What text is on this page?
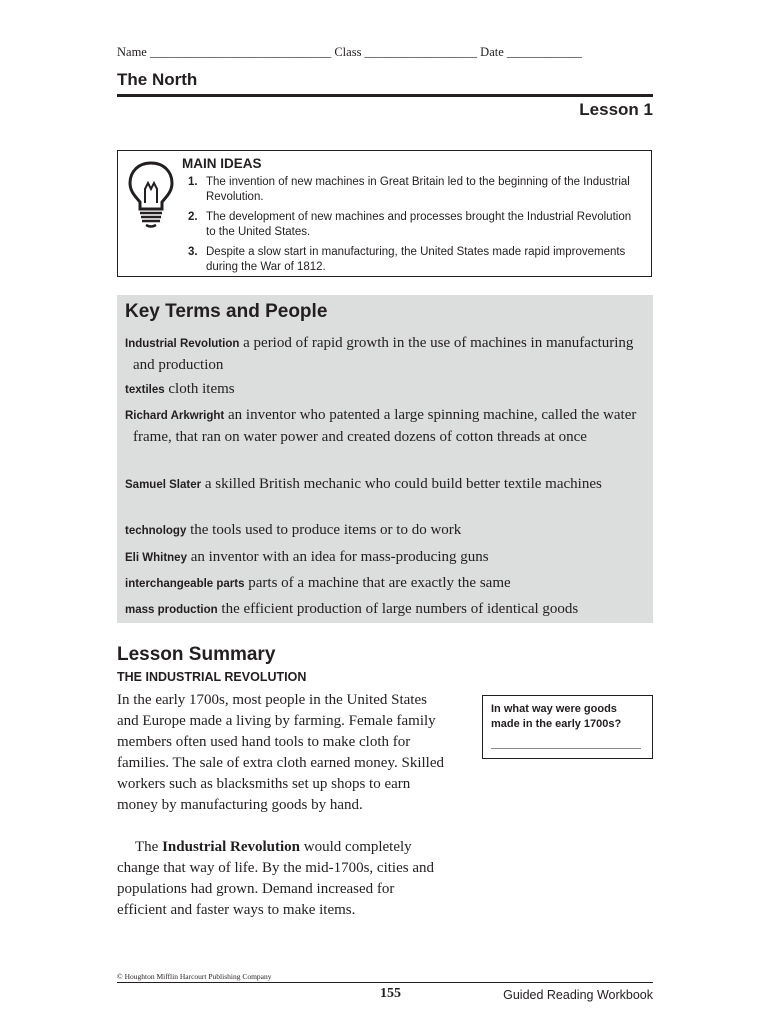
Name _____________________________ Class __________________ Date ____________
The North
Lesson 1
MAIN IDEAS
1. The invention of new machines in Great Britain led to the beginning of the Industrial Revolution.
2. The development of new machines and processes brought the Industrial Revolution to the United States.
3. Despite a slow start in manufacturing, the United States made rapid improvements during the War of 1812.
Key Terms and People
Industrial Revolution a period of rapid growth in the use of machines in manufacturing and production
textiles cloth items
Richard Arkwright an inventor who patented a large spinning machine, called the water frame, that ran on water power and created dozens of cotton threads at once
Samuel Slater a skilled British mechanic who could build better textile machines
technology the tools used to produce items or to do work
Eli Whitney an inventor with an idea for mass-producing guns
interchangeable parts parts of a machine that are exactly the same
mass production the efficient production of large numbers of identical goods
Lesson Summary
THE INDUSTRIAL REVOLUTION
In the early 1700s, most people in the United States and Europe made a living by farming. Female family members often used hand tools to make cloth for families. The sale of extra cloth earned money. Skilled workers such as blacksmiths set up shops to earn money by manufacturing goods by hand.
The Industrial Revolution would completely change that way of life. By the mid-1700s, cities and populations had grown. Demand increased for efficient and faster ways to make items.
In what way were goods made in the early 1700s?
© Houghton Mifflin Harcourt Publishing Company
155	Guided Reading Workbook
